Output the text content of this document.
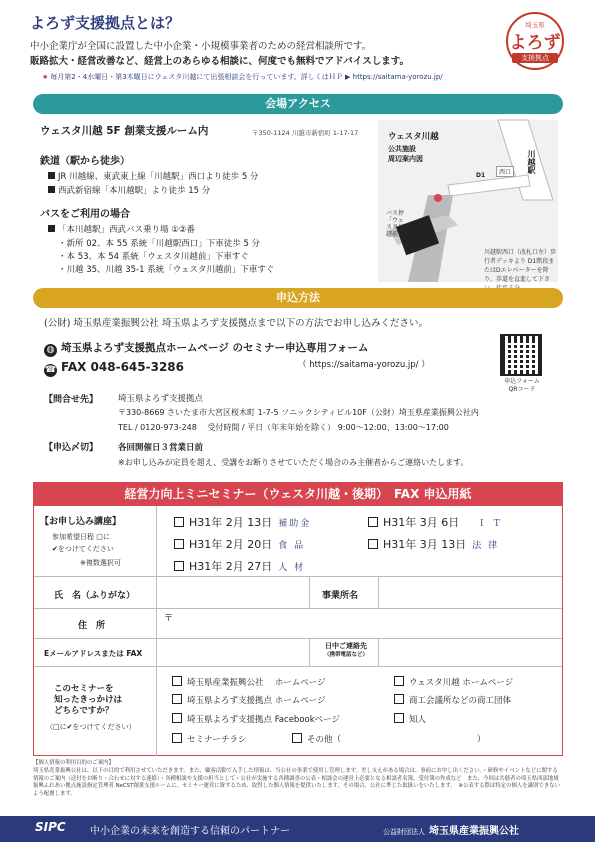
よろず支援拠点とは？
中小企業庁が全国に設置した中小企業・小規模事業者のための経営相談所です。
販路拡大・経営改善など、経営上のあらゆる相談に、何度でも無料でアドバイスします。
★ 毎月第2・4水曜日・第3木曜日にウェスタ川越にて出張相談会を行っています。詳しくはＨＰ ▶ https://saitama-yorozu.jp/
埼玉県
よろず
支援拠点
会場アクセス
ウェスタ川越 5F 創業支援ルーム内	〒350-1124 川越市新宿町 1-17-17
鉄道（駅から徒歩）
JR 川越線、東武東上線「川越駅」西口より徒歩 5 分
西武新宿線「本川越駅」より徒歩 15 分
バスをご利用の場合
「本川越駅」西武バス乗り場 ①②番
・新所 02、本 55 系統「川越駅西口」下車徒歩 5 分
・本 53、本 54 系統「ウェスタ川越前」下車すぐ
・川越 35、川越 35-1 系統「ウェスタ川越前」下車すぐ
ウェスタ川越
公共施設
周辺案内図	川越駅
西口
D1
バス停「ウェスタ川越前」
川越駅西口（改札口左）歩行者デッキより D1階段またはDエレベーターを降り、歩道を直進して下さ
申込方法
(公財) 埼玉県産業振興公社 埼玉県よろず支援拠点まで以下の方法でお申し込みください。
◍ 埼玉県よろず支援拠点ホームページ のセミナー申込専用フォーム
☎ FAX 048-645-3286	（ https://saitama-yorozu.jp/ ）
申込フォーム
QRコード
【問合せ先】 埼玉県よろず支援拠点
〒330-8669 さいたま市大宮区桜木町 1-7-5 ソニックシティビル10F（公財）埼玉県産業振興公社内
TEL / 0120-973-248　 受付時間 / 平日（年末年始を除く） 9:00～12:00、13:00～17:00
【申込〆切】 各回開催日３営業日前
※お申し込みが定員を超え、受講をお断りさせていただく場合のみ主催者からご連絡いたします。
経営力向上ミニセミナー（ウェスタ川越・後期）　FAX 申込用紙
【お申し込み講座】
参加希望日程 □に
✔をつけてください
※複数選択可
H31年 2月 13日 補助金	H31年 3月 6日 ＩＴ
H31年 2月 20日 食 品	H31年 3月 13日 法 律
H31年 2月 27日 人 材
氏　名（ふりがな）	事業所名
住　所
〒
Eメールアドレスまたは FAX
日中ご連絡先
（携帯電話など）
このセミナーを
知ったきっかけは
どちらですか？
（□に✔をつけてください）
埼玉県産業振興公社　 ホームページ	ウェスタ川越 ホームページ
埼玉県よろず支援拠点 ホームページ	商工会議所などの商工団体
埼玉県よろず支援拠点 Facebookページ	知人
セミナーチラシ	その他（　　　　　　　　　　　　　　　　）
【個人情報の利用目的のご案内】
埼玉県産業振興公社は、以下の目的で利用させていただきます。また、顧客活動で入手した情報は、当公社の事業で使用し管理します。差し支えがある場合は、事前にお申し出ください。・研修やイベントなどに関する情報のご案内（送付をお断り・合わせに対する連絡）・各種相談や支援の担当として・公社が実施する各種調査の公表・相談会の運営上必要となる相談者名簿、受付簿の作成など　また、今回は共催者の埼玉県西部地域振興ふれあい拠点施設指定管理者 NeCST創業支援ルームに、セミナー運営に資するため、取得した個人情報を提供いたします。その場合、公社に準じた取扱いをいたします。　※公表する際は特定の個人を識別できないよう配慮します。
SIPC 中小企業の未来を創造する信頼のパートナー	公益財団法人 埼玉県産業振興公社
